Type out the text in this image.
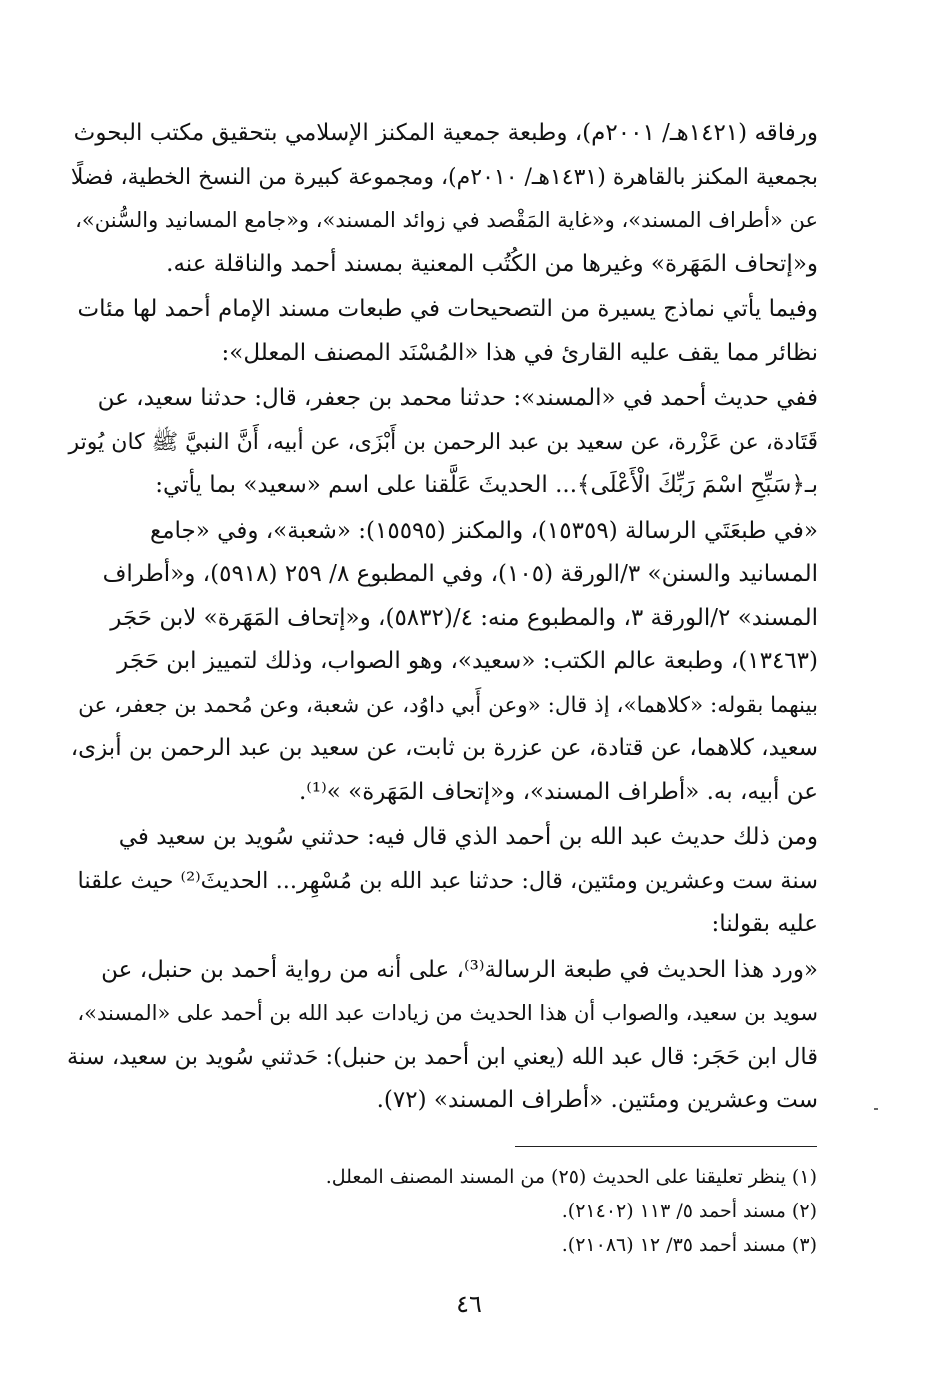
ورفاقه (١٤٢١هـ/ ٢٠٠١م)، وطبعة جمعية المكنز الإسلامي بتحقيق مكتب البحوث
بجمعية المكنز بالقاهرة (١٤٣١هـ/ ٢٠١٠م)، ومجموعة كبيرة من النسخ الخطية، فضلًا
عن «أطراف المسند»، و«غاية المَقْصد في زوائد المسند»، و«جامع المسانيد والسُّنن»،
و«إتحاف المَهَرة» وغيرها من الكُتُب المعنية بمسند أحمد والناقلة عنه.
وفيما يأتي نماذج يسيرة من التصحيحات في طبعات مسند الإمام أحمد لها مئات
نظائر مما يقف عليه القارئ في هذا «المُسْنَد المصنف المعلل»:
ففي حديث أحمد في «المسند»: حدثنا محمد بن جعفر، قال: حدثنا سعيد، عن
قَتَادة، عن عَزْرة، عن سعيد بن عبد الرحمن بن أَبْزَى، عن أبيه، أَنَّ النبيَّ ﷺ كان يُوتر
بـ﴿سَبِّحِ اسْمَ رَبِّكَ الْأَعْلَى﴾... الحديثَ عَلَّقنا على اسم «سعيد» بما يأتي:
«في طبعَتَي الرسالة (١٥٣٥٩)، والمكنز (١٥٥٩٥): «شعبة»، وفي «جامع
المسانيد والسنن» ٣/الورقة (١٠٥)، وفي المطبوع ٨/ ٢٥٩ (٥٩١٨)، و«أطراف
المسند» ٢/الورقة ٣، والمطبوع منه: ٤/(٥٨٣٢)، و«إتحاف المَهَرة» لابن حَجَر
(١٣٤٦٣)، وطبعة عالم الكتب: «سعيد»، وهو الصواب، وذلك لتمييز ابن حَجَر
بينهما بقوله: «كلاهما»، إذ قال: «وعن أَبي داوُد، عن شعبة، وعن مُحمد بن جعفر، عن
سعيد، كلاهما، عن قتادة، عن عزرة بن ثابت، عن سعيد بن عبد الرحمن بن أبزى،
عن أبيه، به. «أطراف المسند»، و«إتحاف المَهَرة» »⁽¹⁾.
ومن ذلك حديث عبد الله بن أحمد الذي قال فيه: حدثني سُويد بن سعيد في
سنة ست وعشرين ومئتين، قال: حدثنا عبد الله بن مُسْهِر... الحديثَ⁽²⁾ حيث علقنا
عليه بقولنا:
«ورد هذا الحديث في طبعة الرسالة⁽³⁾، على أنه من رواية أحمد بن حنبل، عن
سويد بن سعيد، والصواب أن هذا الحديث من زيادات عبد الله بن أحمد على «المسند»،
قال ابن حَجَر: قال عبد الله (يعني ابن أحمد بن حنبل): حَدثني سُويد بن سعيد، سنة
ست وعشرين ومئتين. «أطراف المسند» (٧٢).
(١) ينظر تعليقنا على الحديث (٢٥) من المسند المصنف المعلل.
(٢) مسند أحمد ٥/ ١١٣ (٢١٤٠٢).
(٣) مسند أحمد ٣٥/ ١٢ (٢١٠٨٦).
٤٦
